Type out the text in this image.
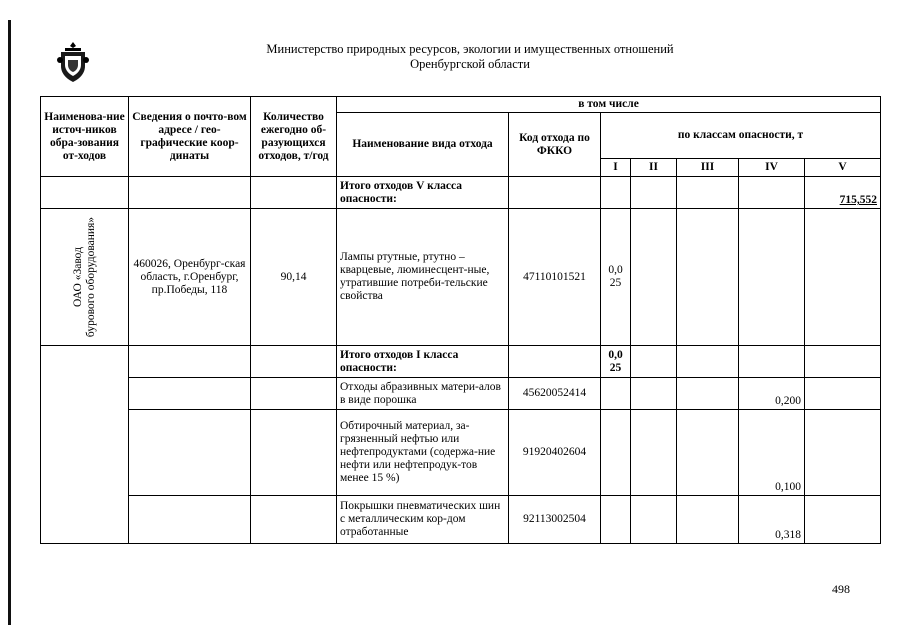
Министерство природных ресурсов, экологии и имущественных отношений
Оренбургской области
Наименова-ние источ-ников обра-зования от-ходов	Сведения о почто-вом адресе / гео-графические коор-динаты	Количество ежегодно об-разующихся отходов, т/год	в том числе						
			Наименование вида отхода	Код отхода по ФККО	по классам опасности, т				
					I	II	III	IV	V
			Итого отходов V класса опасности:						715,552

ОАО «Завод бурового оборудования»	460026, Оренбург-ская область, г.Оренбург, пр.Победы, 118	90,14	Лампы ртутные, ртутно – кварцевые, люминесцент-ные, утратившие потреби-тельские свойства	47110101521	0,0 25				
			Итого отходов I класса опасности:		0,0 25				
			Отходы абразивных матери-алов в виде порошка	45620052414				0,200	
			Обтирочный материал, за-грязненный нефтью или нефтепродуктами (содержа-ние нефти или нефтепродук-тов менее 15 %)	91920402604				0,100	
			Покрышки пневматических шин с металлическим кор-дом отработанные	92113002504				0,318	
498
